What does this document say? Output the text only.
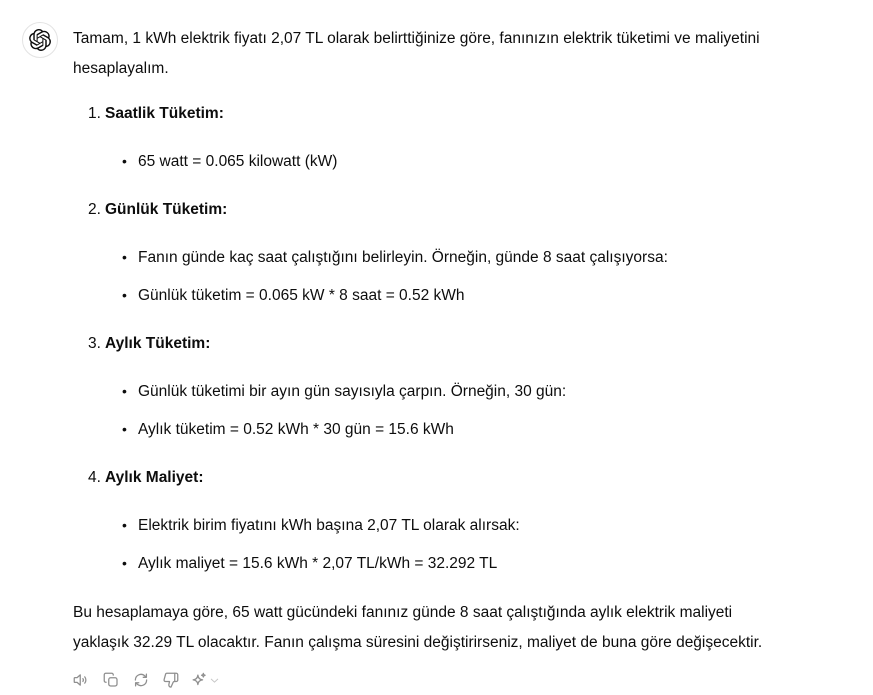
Tamam, 1 kWh elektrik fiyatı 2,07 TL olarak belirttiğinize göre, fanınızın elektrik tüketimi ve maliyetini
hesaplayalım.
1. Saatlik Tüketim:
• 65 watt = 0.065 kilowatt (kW)
2. Günlük Tüketim:
• Fanın günde kaç saat çalıştığını belirleyin. Örneğin, günde 8 saat çalışıyorsa:
• Günlük tüketim = 0.065 kW * 8 saat = 0.52 kWh
3. Aylık Tüketim:
• Günlük tüketimi bir ayın gün sayısıyla çarpın. Örneğin, 30 gün:
• Aylık tüketim = 0.52 kWh * 30 gün = 15.6 kWh
4. Aylık Maliyet:
• Elektrik birim fiyatını kWh başına 2,07 TL olarak alırsak:
• Aylık maliyet = 15.6 kWh * 2,07 TL/kWh = 32.292 TL
Bu hesaplamaya göre, 65 watt gücündeki fanınız günde 8 saat çalıştığında aylık elektrik maliyeti
yaklaşık 32.29 TL olacaktır. Fanın çalışma süresini değiştirirseniz, maliyet de buna göre değişecektir.
